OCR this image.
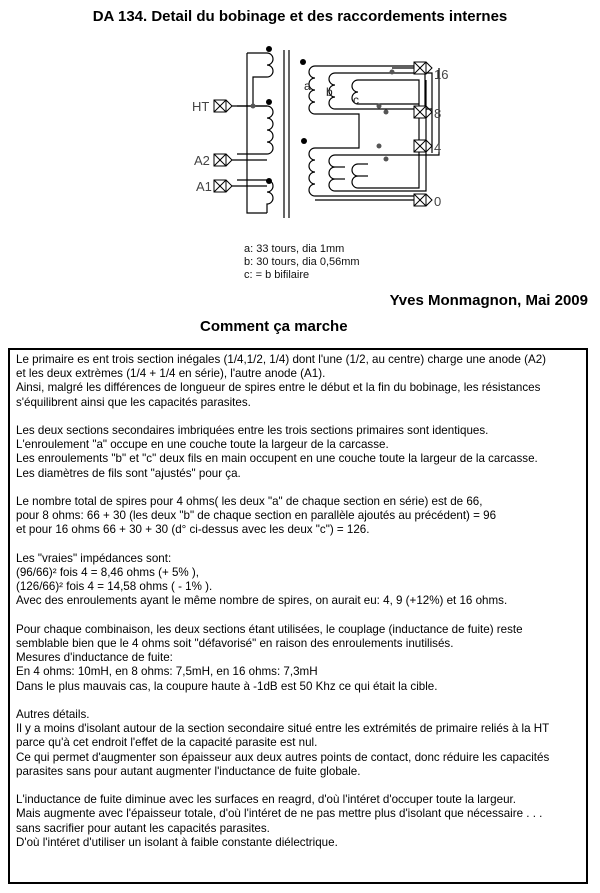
DA 134. Detail du bobinage et des raccordements internes
HT
A2
A1
16
8
4
0
a b
c
a: 33 tours, dia 1mm
b: 30 tours, dia 0,56mm
c: = b bifilaire
Yves Monmagnon, Mai 2009
Comment ça marche
Le primaire es ent trois section inégales (1/4,1/2, 1/4) dont l'une (1/2, au centre) charge une anode (A2)
et les deux extrèmes (1/4 + 1/4 en série), l'autre anode (A1).
Ainsi, malgré les différences de longueur de spires entre le début et la fin du bobinage, les résistances
s'équilibrent ainsi que les capacités parasites.
Les deux sections secondaires imbriquées entre les trois sections primaires sont identiques.
L'enroulement "a" occupe en une couche toute la largeur de la carcasse.
Les enroulements "b" et "c" deux fils en main occupent en une couche toute la largeur de la carcasse.
Les diamètres de fils sont "ajustés" pour ça.
Le nombre total de spires pour 4 ohms( les deux "a" de chaque section en série) est de 66,
pour 8 ohms: 66 + 30 (les deux "b" de chaque section en parallèle ajoutés au précédent) = 96
et pour 16 ohms 66 + 30 + 30 (d° ci-dessus avec les deux "c") = 126.
Les "vraies" impédances sont:
(96/66)² fois 4 = 8,46 ohms (+ 5% ),
(126/66)² fois 4 = 14,58 ohms ( - 1% ).
Avec des enroulements ayant le même nombre de spires, on aurait eu: 4, 9 (+12%) et 16 ohms.
Pour chaque combinaison, les deux sections étant utilisées, le couplage (inductance de fuite) reste
semblable bien que le 4 ohms soit "défavorisé" en raison des enroulements inutilisés.
Mesures d'inductance de fuite:
En 4 ohms: 10mH, en 8 ohms: 7,5mH, en 16 ohms: 7,3mH
Dans le plus mauvais cas, la coupure haute à -1dB est 50 Khz ce qui était la cible.
Autres détails.
Il y a moins d'isolant autour de la section secondaire situé entre les extrémités de primaire reliés à la HT
parce qu'à cet endroit l'effet de la capacité parasite est nul.
Ce qui permet d'augmenter son épaisseur aux deux autres points de contact, donc réduire les capacités
parasites sans pour autant augmenter l'inductance de fuite globale.
L'inductance de fuite diminue avec les surfaces en reagrd, d'où l'intéret d'occuper toute la largeur.
Mais augmente avec l'épaisseur totale, d'où l'intéret de ne pas mettre plus d'isolant que nécessaire . . .
sans sacrifier pour autant les capacités parasites.
D'où l'intéret d'utiliser un isolant à faible constante diélectrique.
